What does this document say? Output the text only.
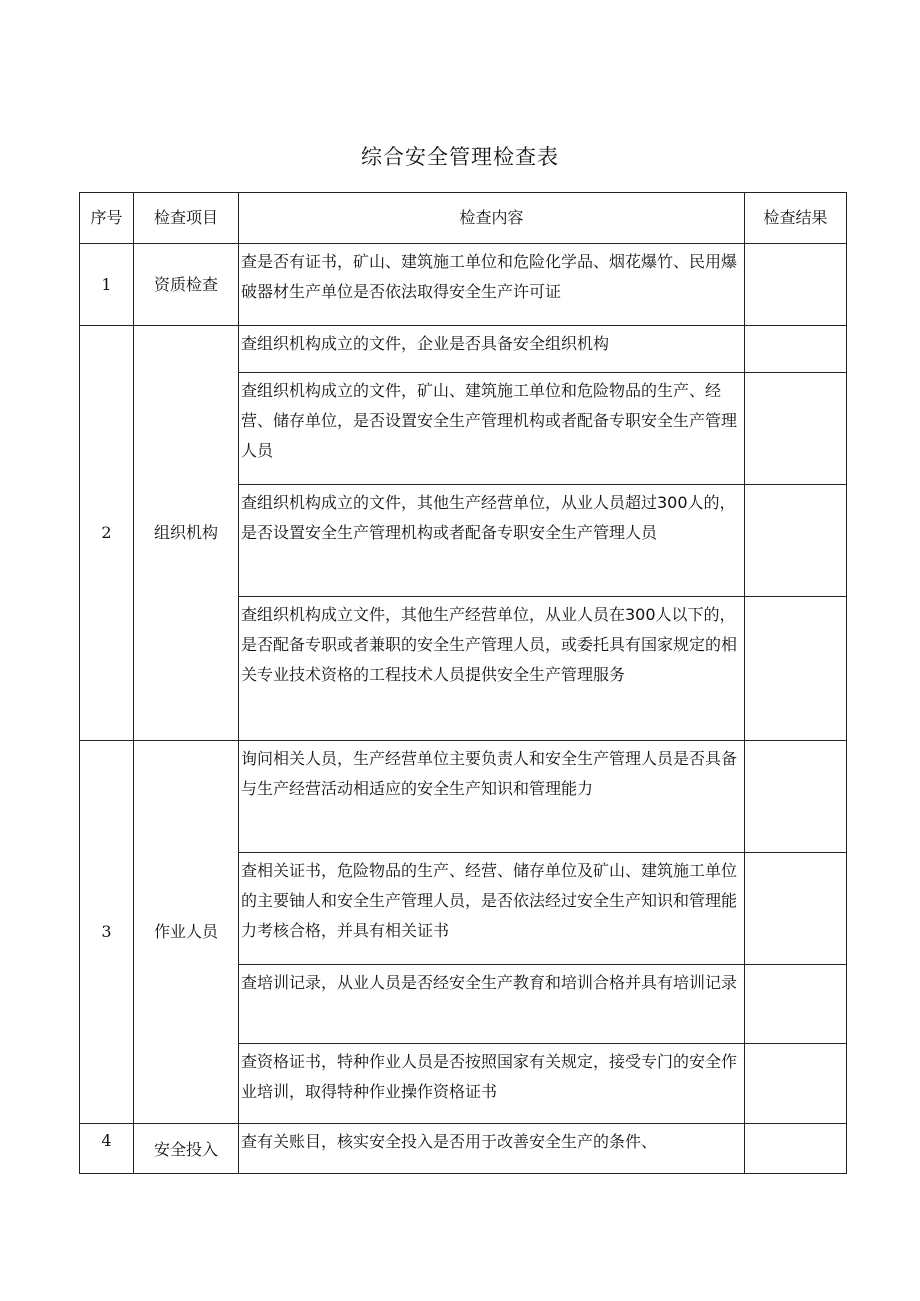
综合安全管理检查表
序号	检查项目	检查内容	检查结果
1	资质检查	查是否有证书，矿山、建筑施工单位和危险化学品、烟花爆竹、民用爆破器材生产单位是否依法取得安全生产许可证	
2	组织机构	查组织机构成立的文件，企业是否具备安全组织机构	
		查组织机构成立的文件，矿山、建筑施工单位和危险物品的生产、经营、储存单位，是否设置安全生产管理机构或者配备专职安全生产管理人员	
		查组织机构成立的文件，其他生产经营单位，从业人员超过300人的，是否设置安全生产管理机构或者配备专职安全生产管理人员	
		查组织机构成立文件，其他生产经营单位，从业人员在300人以下的，是否配备专职或者兼职的安全生产管理人员，或委托具有国家规定的相关专业技术资格的工程技术人员提供安全生产管理服务	
3	作业人员	询问相关人员，生产经营单位主要负责人和安全生产管理人员是否具备与生产经营活动相适应的安全生产知识和管理能力	
		查相关证书，危险物品的生产、经营、储存单位及矿山、建筑施工单位的主要铀人和安全生产管理人员，是否依法经过安全生产知识和管理能力考核合格，并具有相关证书	
		查培训记录，从业人员是否经安全生产教育和培训合格并具有培训记录	
		查资格证书，特种作业人员是否按照国家有关规定，接受专门的安全作业培训，取得特种作业操作资格证书	
4	安全投入	查有关账目，核实安全投入是否用于改善安全生产的条件、	
